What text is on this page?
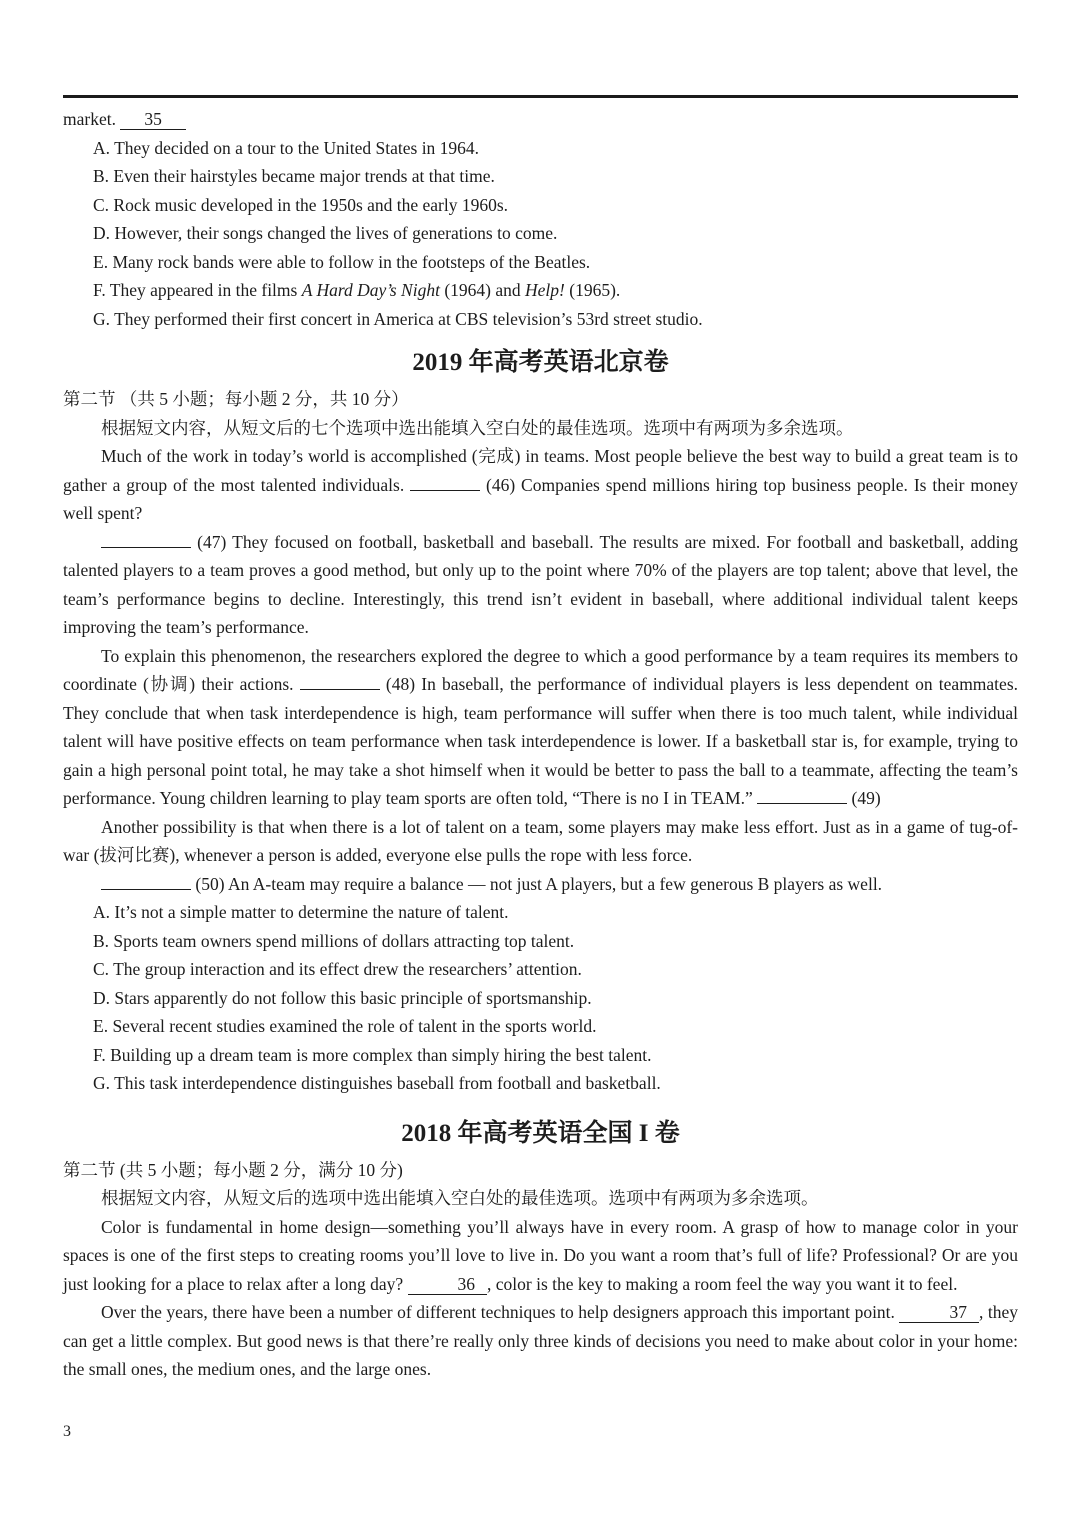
market. 35

A. They decided on a tour to the United States in 1964.

B. Even their hairstyles became major trends at that time.

C. Rock music developed in the 1950s and the early 1960s.

D. However, their songs changed the lives of generations to come.

E. Many rock bands were able to follow in the footsteps of the Beatles.

F. They appeared in the films A Hard Day’s Night (1964) and Help! (1965).

G. They performed their first concert in America at CBS television’s 53rd street studio.

2019 年高考英语北京卷

第二节 （共 5 小题；每小题 2 分，共 10 分）

根据短文内容，从短文后的七个选项中选出能填入空白处的最佳选项。选项中有两项为多余选项。

Much of the work in today’s world is accomplished (完成) in teams. Most people believe the best way to build a great team is to gather a group of the most talented individuals.	(46) Companies spend millions hiring top business people. Is their money well spent?

(47) They focused on football, basketball and baseball. The results are mixed. For football and basketball, adding talented players to a team proves a good method, but only up to the point where 70% of the players are top talent; above that level, the team’s performance begins to decline. Interestingly, this trend isn’t evident in baseball, where additional individual talent keeps improving the team’s performance.

To explain this phenomenon, the researchers explored the degree to which a good performance by a team requires its members to coordinate (协调) their actions.	(48) In baseball, the performance of individual players is less dependent on teammates. They conclude that when task interdependence is high, team performance will suffer when there is too much talent, while individual talent will have positive effects on team performance when task interdependence is lower. If a basketball star is, for example, trying to gain a high personal point total, he may take a shot himself when it would be better to pass the ball to a teammate, affecting the team’s performance. Young children learning to play team sports are often told, “There is no I in TEAM.”	(49)

Another possibility is that when there is a lot of talent on a team, some players may make less effort. Just as in a game of tug-of-war (拔河比赛), whenever a person is added, everyone else pulls the rope with less force.

(50) An A-team may require a balance — not just A players, but a few generous B players as well.

A. It’s not a simple matter to determine the nature of talent.

B. Sports team owners spend millions of dollars attracting top talent.

C. The group interaction and its effect drew the researchers’ attention.

D. Stars apparently do not follow this basic principle of sportsmanship.

E. Several recent studies examined the role of talent in the sports world.

F. Building up a dream team is more complex than simply hiring the best talent.

G. This task interdependence distinguishes baseball from football and basketball.

2018 年高考英语全国 I 卷

第二节 (共 5 小题；每小题 2 分，满分 10 分)

根据短文内容，从短文后的选项中选出能填入空白处的最佳选项。选项中有两项为多余选项。

Color is fundamental in home design—something you’ll always have in every room. A grasp of how to manage color in your spaces is one of the first steps to creating rooms you’ll love to live in. Do you want a room that’s full of life? Professional? Or are you just looking for a place to relax after a long day?	36 , color is the key to making a room feel the way you want it to feel.

Over the years, there have been a number of different techniques to help designers approach this important point.	37 , they can get a little complex. But good news is that there’re really only three kinds of decisions you need to make about color in your home: the small ones, the medium ones, and the large ones.

3
